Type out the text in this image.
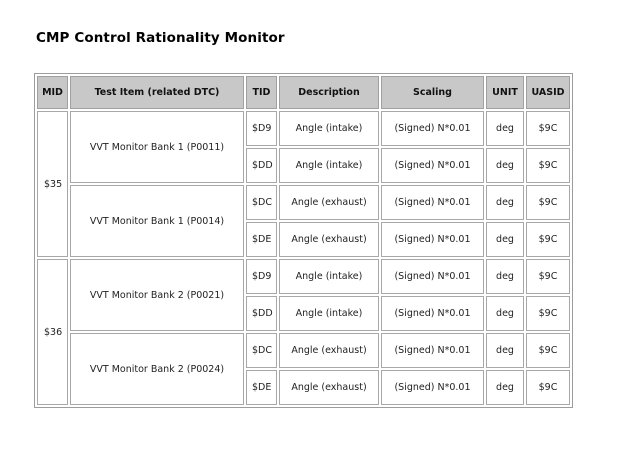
CMP Control Rationality Monitor
MID	Test Item (related DTC)	TID	Description	Scaling	UNIT	UASID
$35	VVT Monitor Bank 1 (P0011)	$D9	Angle (intake)	(Signed) N*0.01	deg	$9C
		$DD	Angle (intake)	(Signed) N*0.01	deg	$9C
	VVT Monitor Bank 1 (P0014)	$DC	Angle (exhaust)	(Signed) N*0.01	deg	$9C
		$DE	Angle (exhaust)	(Signed) N*0.01	deg	$9C
$36	VVT Monitor Bank 2 (P0021)	$D9	Angle (intake)	(Signed) N*0.01	deg	$9C
		$DD	Angle (intake)	(Signed) N*0.01	deg	$9C
	VVT Monitor Bank 2 (P0024)	$DC	Angle (exhaust)	(Signed) N*0.01	deg	$9C
		$DE	Angle (exhaust)	(Signed) N*0.01	deg	$9C
